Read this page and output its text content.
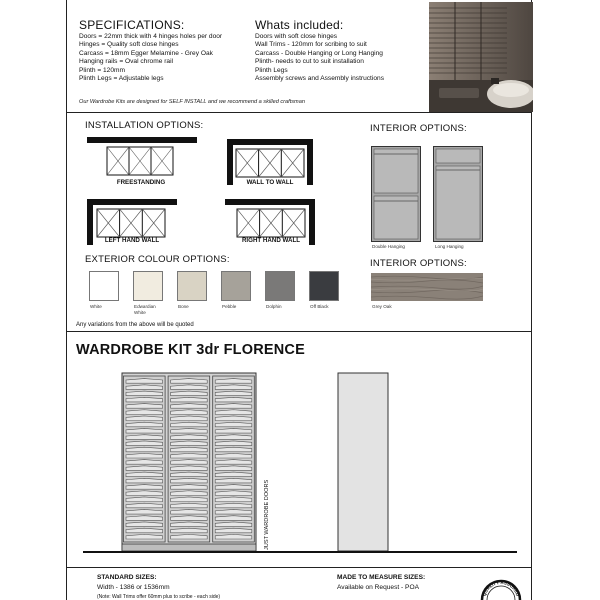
SPECIFICATIONS:
Doors = 22mm thick with 4 hinges holes per door
Hinges = Quality soft close hinges
Carcass = 18mm Egger Melamine - Grey Oak
Hanging rails = Oval chrome rail
Plinth = 120mm
Plinth Legs = Adjustable legs
Whats included:
Doors with soft close hinges
Wall Trims - 120mm for scribing to suit
Carcass - Double Hanging or Long Hanging
Plinth- needs to cut to suit installation
Plinth Legs
Assembly screws and Assembly instructions
Our Wardrobe Kits are designed for SELF INSTALL and we recommend a skilled craftsman
INSTALLATION OPTIONS:
FREESTANDING	WALL TO WALL
LEFT HAND WALL	RIGHT HAND WALL
INTERIOR OPTIONS:
Double Hanging	Long Hanging
EXTERIOR COLOUR OPTIONS:
White	Edwardian White
Bone	Pebble	Dolphin	Off Black
INTERIOR OPTIONS:
Grey Oak
Any variations from the above will be quoted
WARDROBE KIT 3dr FLORENCE
JUST WARDROBE DOORS
STANDARD SIZES:
Width - 1386 or 1536mm
(Note: Wall Trims offer 60mm plus to scribe - each side)
MADE TO MEASURE SIZES:
Available on Request - POA
QUALITY ASSURED
